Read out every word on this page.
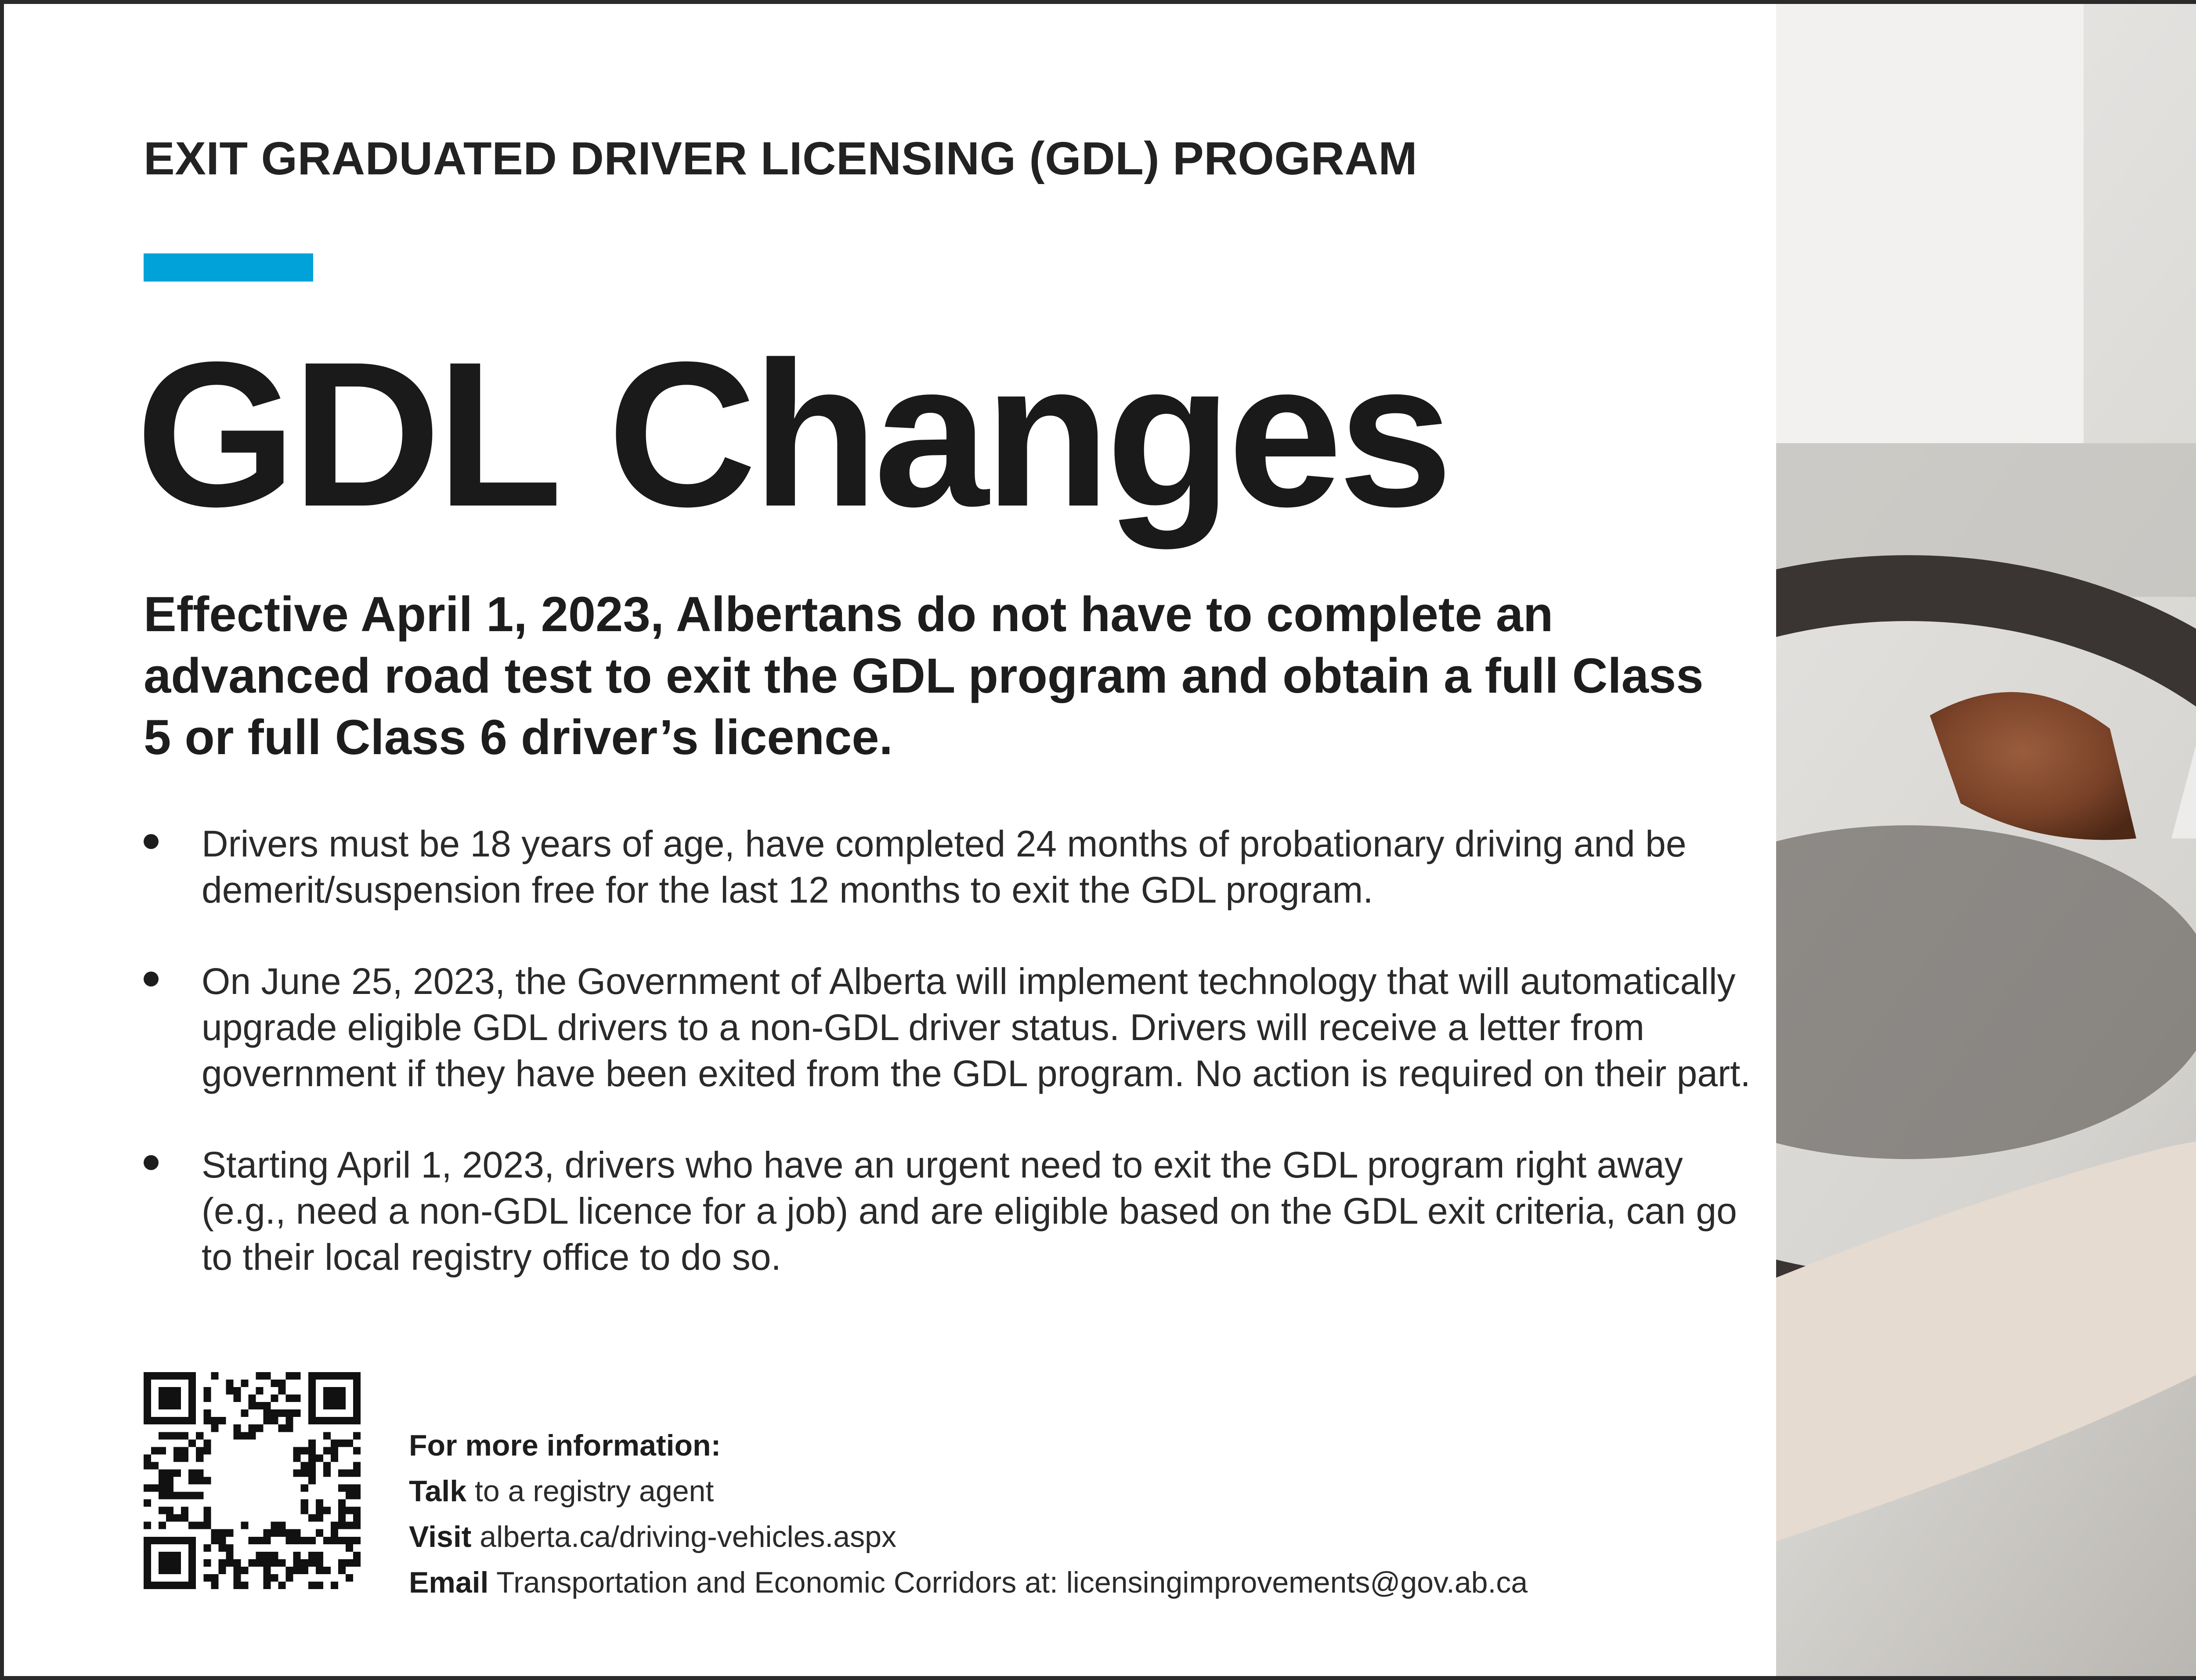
EXIT GRADUATED DRIVER LICENSING (GDL) PROGRAM
GDL Changes

Effective April 1, 2023, Albertans do not have to complete an advanced road test to exit the GDL program and obtain a full Class 5 or full Class 6 driver’s licence.

Drivers must be 18 years of age, have completed 24 months of probationary driving and be demerit/suspension free for the last 12 months to exit the GDL program.
On June 25, 2023, the Government of Alberta will implement technology that will automatically upgrade eligible GDL drivers to a non-GDL driver status. Drivers will receive a letter from government if they have been exited from the GDL program. No action is required on their part.
Starting April 1, 2023, drivers who have an urgent need to exit the GDL program right away (e.g., need a non-GDL licence for a job) and are eligible based on the GDL exit criteria, can go to their local registry office to do so.
For more information:
Talk to a registry agent
Visit alberta.ca/driving-vehicles.aspx
Email Transportation and Economic Corridors at: licensingimprovements@gov.ab.ca
